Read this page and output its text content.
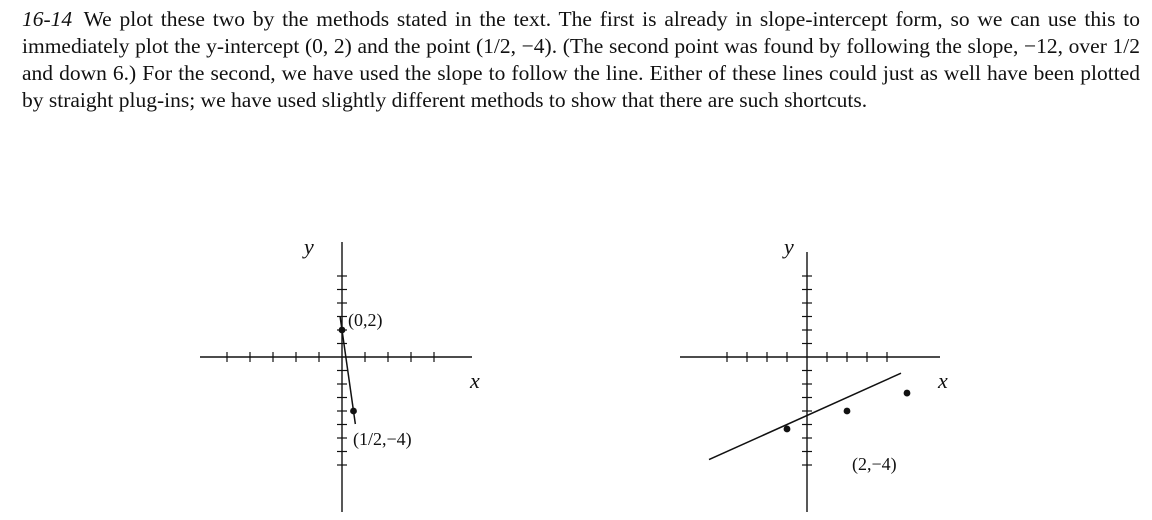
16-14 We plot these two by the methods stated in the text. The first is already in slope-intercept form, so we can use this to immediately plot the y-intercept (0, 2) and the point (1/2, −4). (The second point was found by following the slope, −12, over 1/2 and down 6.) For the second, we have used the slope to follow the line. Either of these lines could just as well have been plotted by straight plug-ins; we have used slightly different methods to show that there are such shortcuts.

y
x
(0,2)
(1/2,−4)
y
x
(2,−4)
